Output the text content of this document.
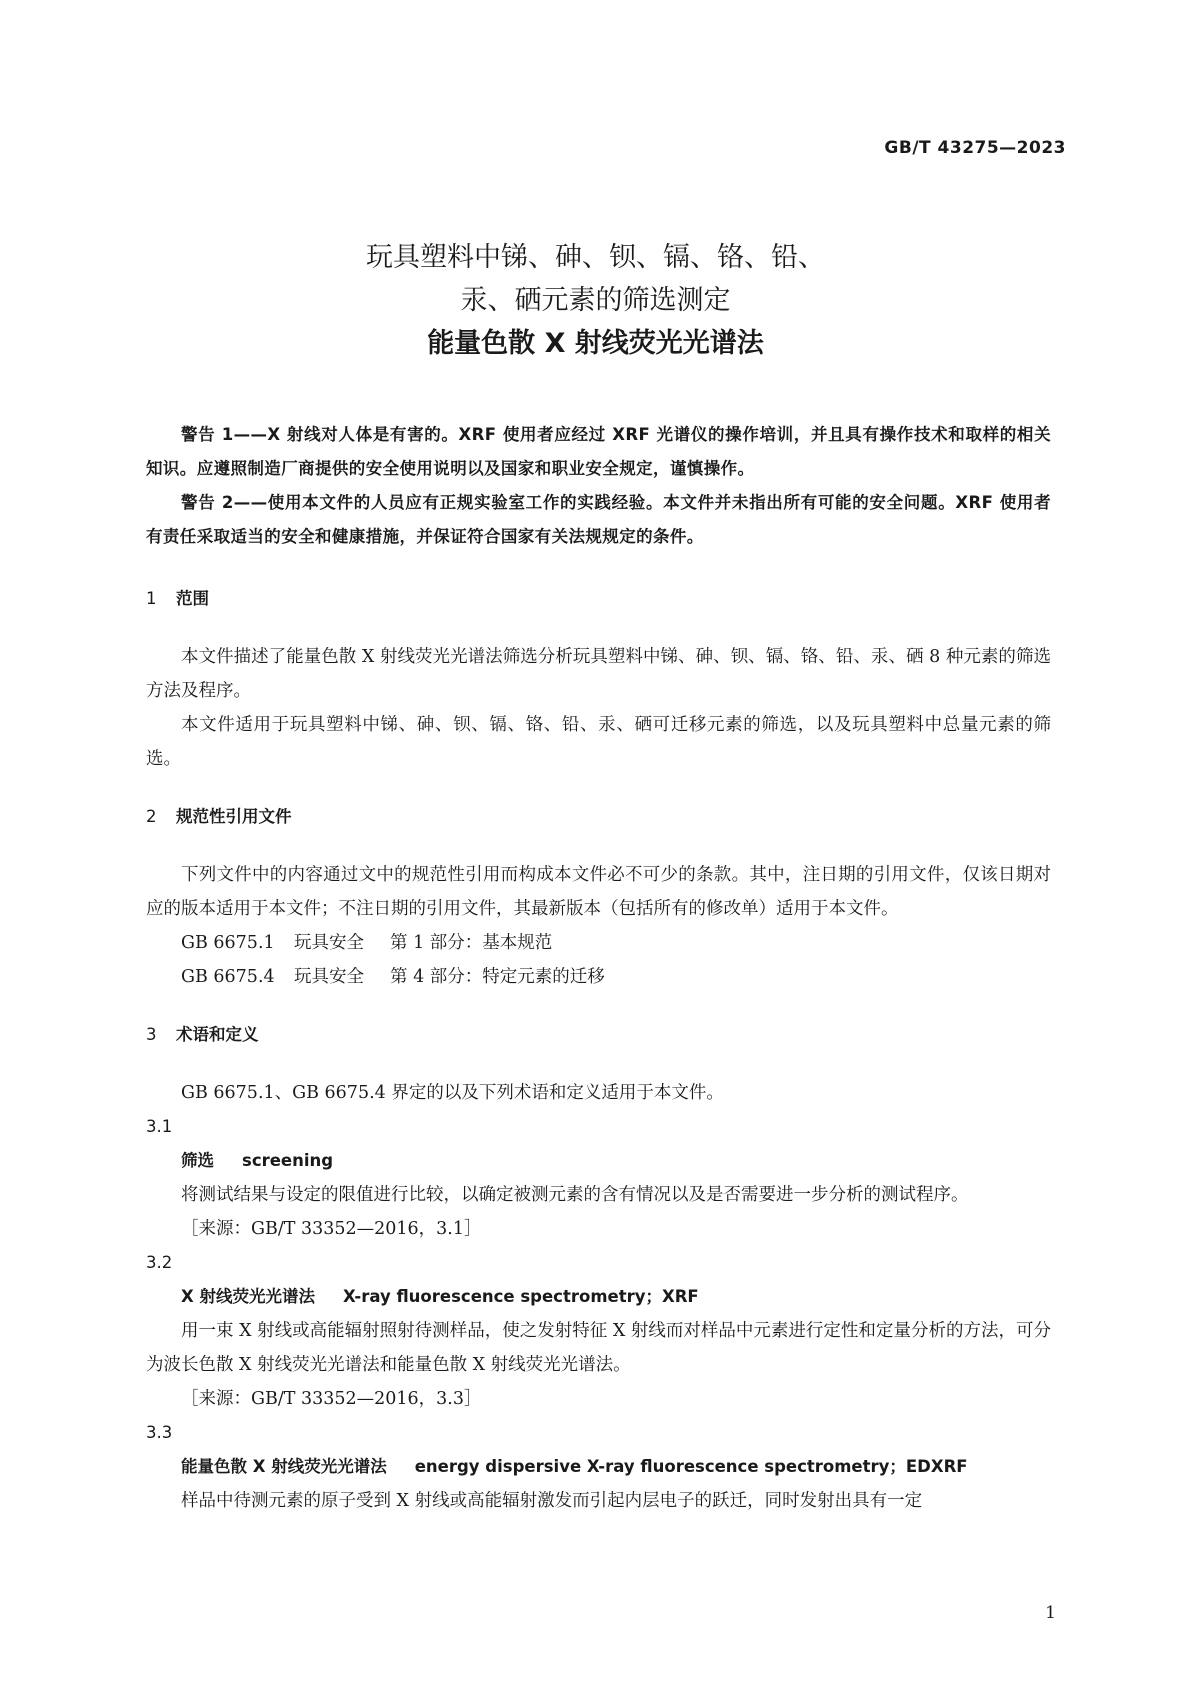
GB/T 43275—2023
玩具塑料中锑、砷、钡、镉、铬、铅、
汞、硒元素的筛选测定
能量色散 X 射线荧光光谱法

警告 1——X 射线对人体是有害的。XRF 使用者应经过 XRF 光谱仪的操作培训，并且具有操作技术和取样的相关知识。应遵照制造厂商提供的安全使用说明以及国家和职业安全规定，谨慎操作。

警告 2——使用本文件的人员应有正规实验室工作的实践经验。本文件并未指出所有可能的安全问题。XRF 使用者有责任采取适当的安全和健康措施，并保证符合国家有关法规规定的条件。

1 范围

本文件描述了能量色散 X 射线荧光光谱法筛选分析玩具塑料中锑、砷、钡、镉、铬、铅、汞、硒 8 种元素的筛选方法及程序。

本文件适用于玩具塑料中锑、砷、钡、镉、铬、铅、汞、硒可迁移元素的筛选，以及玩具塑料中总量元素的筛选。

2 规范性引用文件

下列文件中的内容通过文中的规范性引用而构成本文件必不可少的条款。其中，注日期的引用文件，仅该日期对应的版本适用于本文件；不注日期的引用文件，其最新版本（包括所有的修改单）适用于本文件。

GB 6675.1 玩具安全 第 1 部分：基本规范

GB 6675.4 玩具安全 第 4 部分：特定元素的迁移

3 术语和定义

GB 6675.1、GB 6675.4 界定的以及下列术语和定义适用于本文件。

3.1

筛选 screening

将测试结果与设定的限值进行比较，以确定被测元素的含有情况以及是否需要进一步分析的测试程序。

［来源：GB/T 33352—2016，3.1］

3.2

X 射线荧光光谱法 X-ray fluorescence spectrometry；XRF

用一束 X 射线或高能辐射照射待测样品，使之发射特征 X 射线而对样品中元素进行定性和定量分析的方法，可分为波长色散 X 射线荧光光谱法和能量色散 X 射线荧光光谱法。

［来源：GB/T 33352—2016，3.3］

3.3

能量色散 X 射线荧光光谱法 energy dispersive X-ray fluorescence spectrometry；EDXRF

样品中待测元素的原子受到 X 射线或高能辐射激发而引起内层电子的跃迁，同时发射出具有一定

1
